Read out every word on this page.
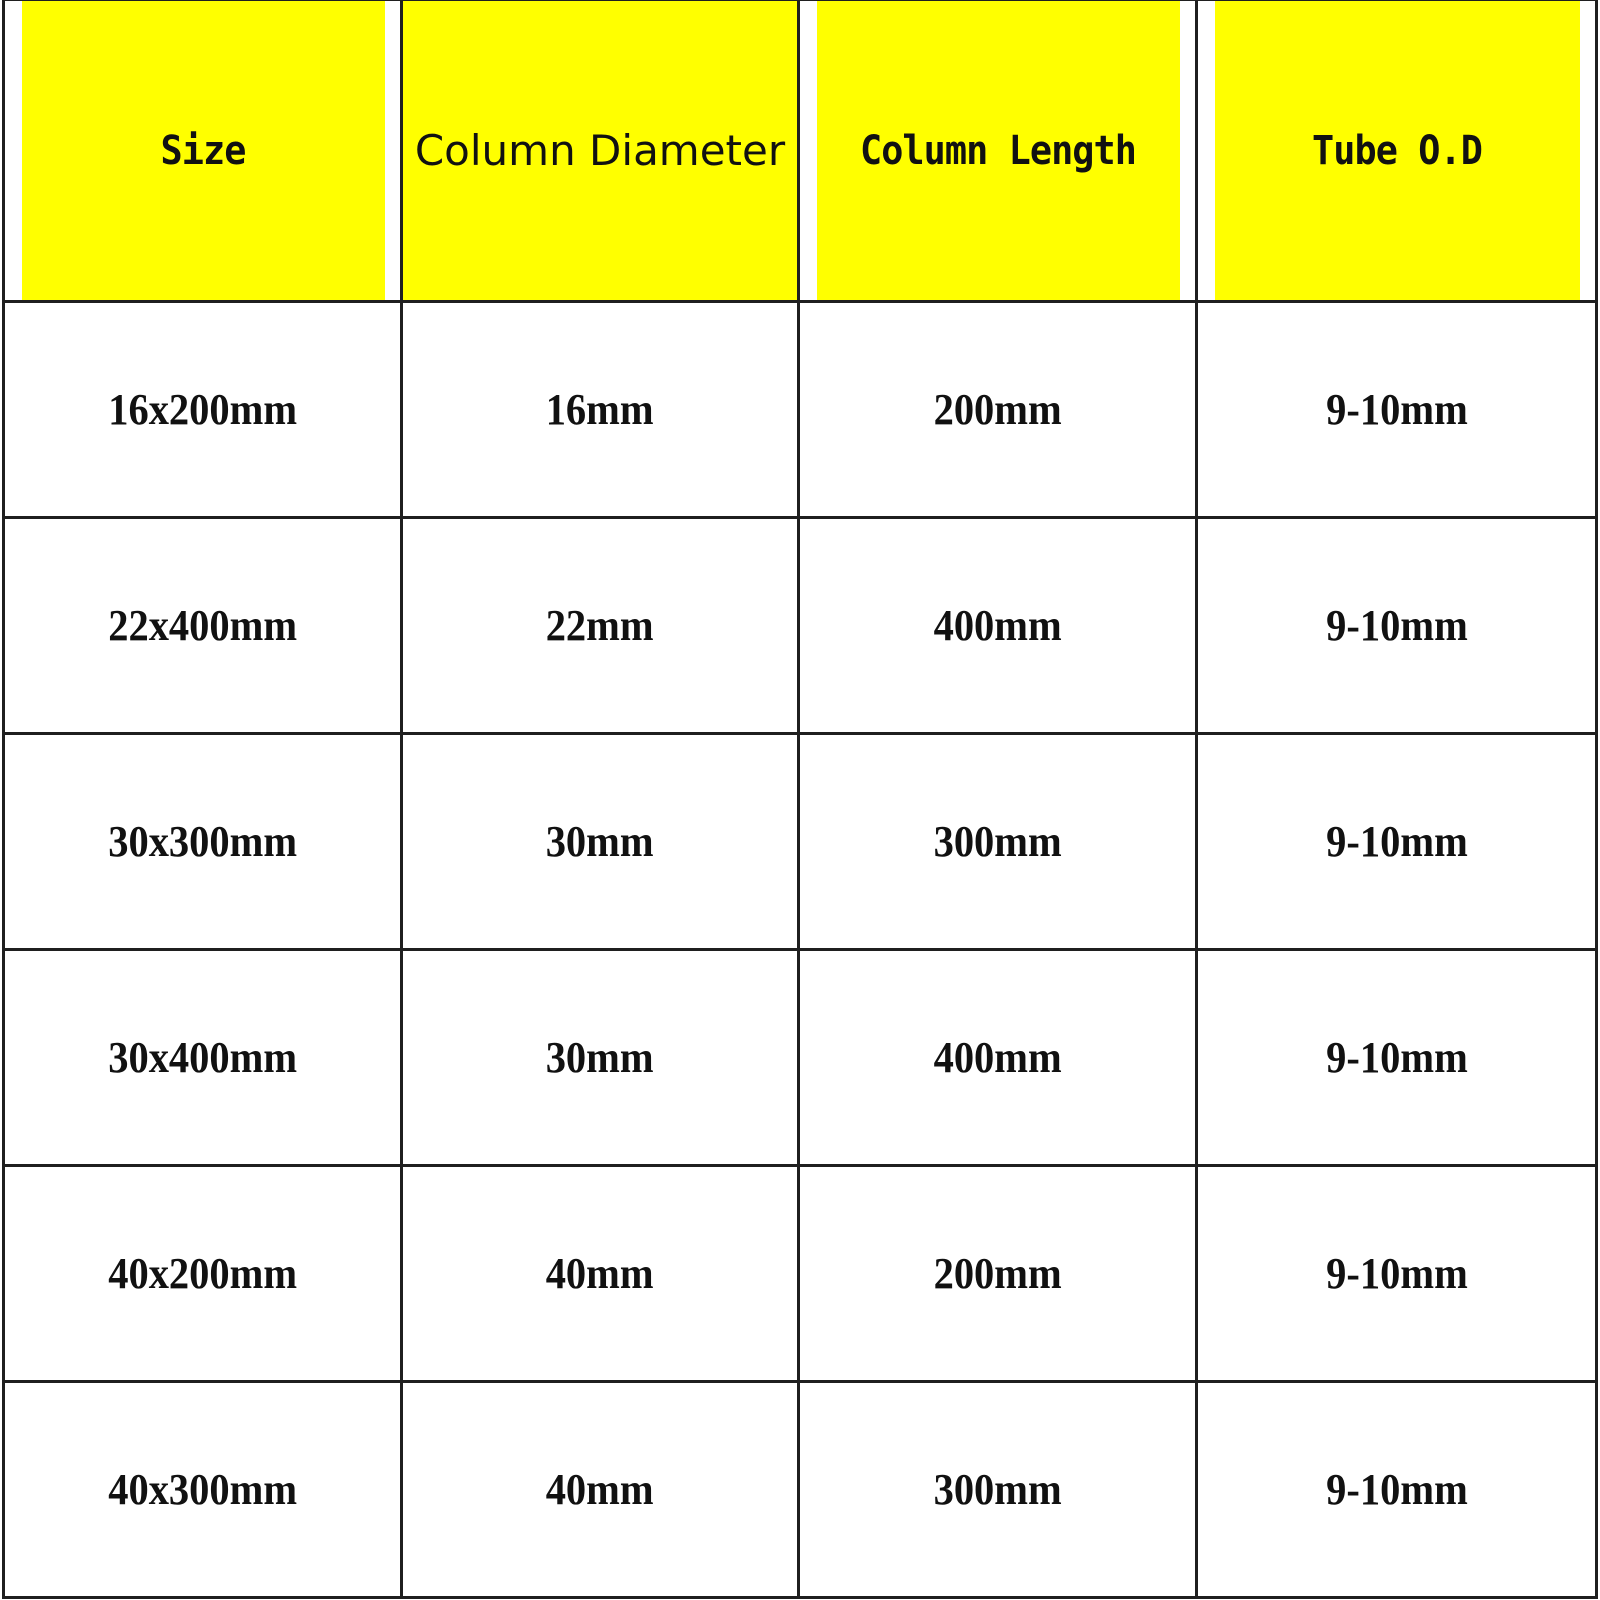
Size	Column Diameter	Column Length	Tube O.D
16x200mm	16mm	200mm	9-10mm
22x400mm	22mm	400mm	9-10mm
30x300mm	30mm	300mm	9-10mm
30x400mm	30mm	400mm	9-10mm
40x200mm	40mm	200mm	9-10mm
40x300mm	40mm	300mm	9-10mm
